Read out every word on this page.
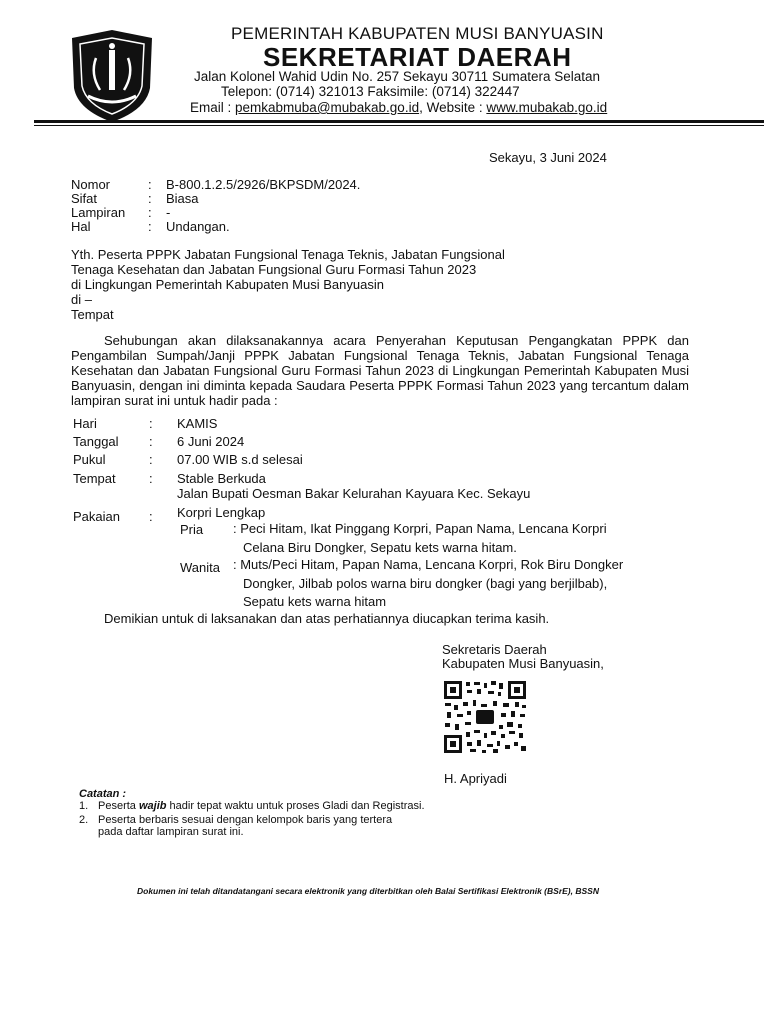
PEMERINTAH KABUPATEN MUSI BANYUASIN
SEKRETARIAT DAERAH
Jalan Kolonel Wahid Udin No. 257 Sekayu 30711 Sumatera Selatan
Telepon: (0714) 321013 Faksimile: (0714) 322447
Email : pemkabmuba@mubakab.go.id, Website : www.mubakab.go.id
Sekayu, 3 Juni 2024
Nomor	: B-800.1.2.5/2926/BKPSDM/2024.
Sifat	: Biasa
Lampiran : -
Hal	: Undangan.
Yth. Peserta PPPK Jabatan Fungsional Tenaga Teknis, Jabatan Fungsional
Tenaga Kesehatan dan Jabatan Fungsional Guru Formasi Tahun 2023
di Lingkungan Pemerintah Kabupaten Musi Banyuasin
di –
Tempat
Sehubungan akan dilaksanakannya acara Penyerahan Keputusan Pengangkatan PPPK dan Pengambilan Sumpah/Janji PPPK Jabatan Fungsional Tenaga Teknis, Jabatan Fungsional Tenaga Kesehatan dan Jabatan Fungsional Guru Formasi Tahun 2023 di Lingkungan Pemerintah Kabupaten Musi Banyuasin, dengan ini diminta kepada Saudara Peserta PPPK Formasi Tahun 2023 yang tercantum dalam lampiran surat ini untuk hadir pada :
Hari	: KAMIS
Tanggal : 6 Juni 2024
Pukul	: 07.00 WIB s.d selesai
Tempat	: Stable Berkuda
Jalan Bupati Oesman Bakar Kelurahan Kayuara Kec. Sekayu
Pakaian : Korpri Lengkap
Pria : Peci Hitam, Ikat Pinggang Korpri, Papan Nama, Lencana Korpri
Celana Biru Dongker, Sepatu kets warna hitam.
Wanita : Muts/Peci Hitam, Papan Nama, Lencana Korpri, Rok Biru Dongker
Dongker, Jilbab polos warna biru dongker (bagi yang berjilbab),
Sepatu kets warna hitam
Demikian untuk di laksanakan dan atas perhatiannya diucapkan terima kasih.
Sekretaris Daerah
Kabupaten Musi Banyuasin,
H. Apriyadi
Catatan :
1. Peserta wajib hadir tepat waktu untuk proses Gladi dan Registrasi.
2. Peserta berbaris sesuai dengan kelompok baris yang tertera
pada daftar lampiran surat ini.
Dokumen ini telah ditandatangani secara elektronik yang diterbitkan oleh Balai Sertifikasi Elektronik (BSrE), BSSN
